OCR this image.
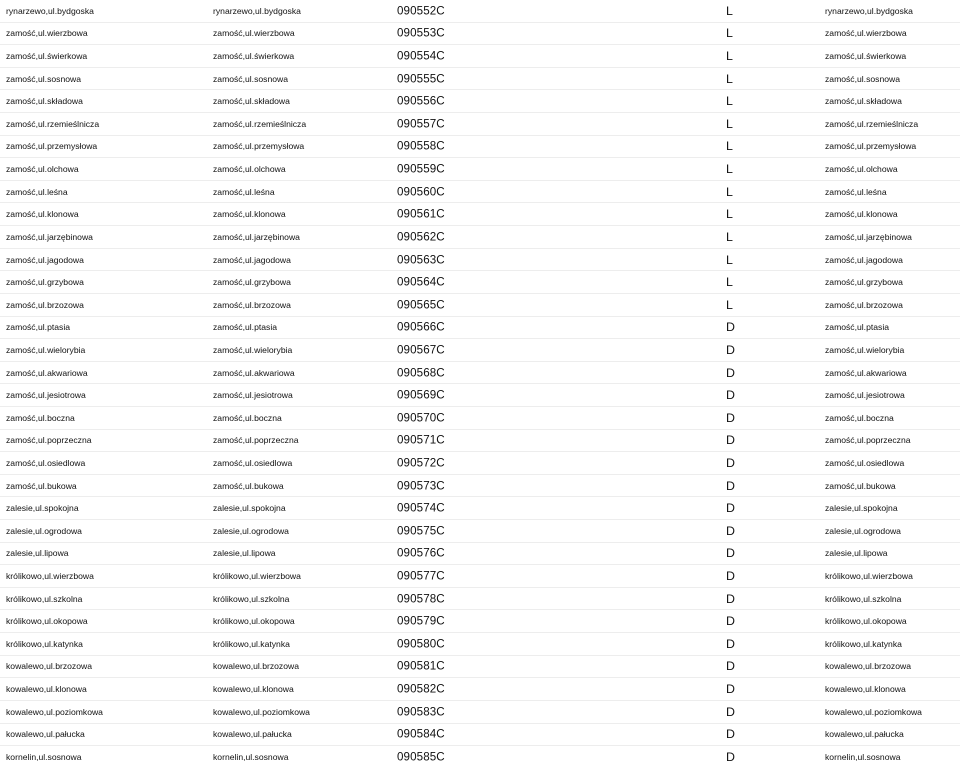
rynarzewo,ul.bydgoska	rynarzewo,ul.bydgoska	090552C	L	rynarzewo,ul.bydgoska
zamość,ul.wierzbowa	zamość,ul.wierzbowa	090553C	L	zamość,ul.wierzbowa
zamość,ul.świerkowa	zamość,ul.świerkowa	090554C	L	zamość,ul.świerkowa
zamość,ul.sosnowa	zamość,ul.sosnowa	090555C	L	zamość,ul.sosnowa
zamość,ul.składowa	zamość,ul.składowa	090556C	L	zamość,ul.składowa
zamość,ul.rzemieślnicza	zamość,ul.rzemieślnicza	090557C	L	zamość,ul.rzemieślnicza
zamość,ul.przemysłowa	zamość,ul.przemysłowa	090558C	L	zamość,ul.przemysłowa
zamość,ul.olchowa	zamość,ul.olchowa	090559C	L	zamość,ul.olchowa
zamość,ul.leśna	zamość,ul.leśna	090560C	L	zamość,ul.leśna
zamość,ul.klonowa	zamość,ul.klonowa	090561C	L	zamość,ul.klonowa
zamość,ul.jarzębinowa	zamość,ul.jarzębinowa	090562C	L	zamość,ul.jarzębinowa
zamość,ul.jagodowa	zamość,ul.jagodowa	090563C	L	zamość,ul.jagodowa
zamość,ul.grzybowa	zamość,ul.grzybowa	090564C	L	zamość,ul.grzybowa
zamość,ul.brzozowa	zamość,ul.brzozowa	090565C	L	zamość,ul.brzozowa
zamość,ul.ptasia	zamość,ul.ptasia	090566C	D	zamość,ul.ptasia
zamość,ul.wielorybia	zamość,ul.wielorybia	090567C	D	zamość,ul.wielorybia
zamość,ul.akwariowa	zamość,ul.akwariowa	090568C	D	zamość,ul.akwariowa
zamość,ul.jesiotrowa	zamość,ul.jesiotrowa	090569C	D	zamość,ul.jesiotrowa
zamość,ul.boczna	zamość,ul.boczna	090570C	D	zamość,ul.boczna
zamość,ul.poprzeczna	zamość,ul.poprzeczna	090571C	D	zamość,ul.poprzeczna
zamość,ul.osiedlowa	zamość,ul.osiedlowa	090572C	D	zamość,ul.osiedlowa
zamość,ul.bukowa	zamość,ul.bukowa	090573C	D	zamość,ul.bukowa
zalesie,ul.spokojna	zalesie,ul.spokojna	090574C	D	zalesie,ul.spokojna
zalesie,ul.ogrodowa	zalesie,ul.ogrodowa	090575C	D	zalesie,ul.ogrodowa
zalesie,ul.lipowa	zalesie,ul.lipowa	090576C	D	zalesie,ul.lipowa
królikowo,ul.wierzbowa	królikowo,ul.wierzbowa	090577C	D	królikowo,ul.wierzbowa
królikowo,ul.szkolna	królikowo,ul.szkolna	090578C	D	królikowo,ul.szkolna
królikowo,ul.okopowa	królikowo,ul.okopowa	090579C	D	królikowo,ul.okopowa
królikowo,ul.katynka	królikowo,ul.katynka	090580C	D	królikowo,ul.katynka
kowalewo,ul.brzozowa	kowalewo,ul.brzozowa	090581C	D	kowalewo,ul.brzozowa
kowalewo,ul.klonowa	kowalewo,ul.klonowa	090582C	D	kowalewo,ul.klonowa
kowalewo,ul.poziomkowa	kowalewo,ul.poziomkowa	090583C	D	kowalewo,ul.poziomkowa
kowalewo,ul.pałucka	kowalewo,ul.pałucka	090584C	D	kowalewo,ul.pałucka
kornelin,ul.sosnowa	kornelin,ul.sosnowa	090585C	D	kornelin,ul.sosnowa
